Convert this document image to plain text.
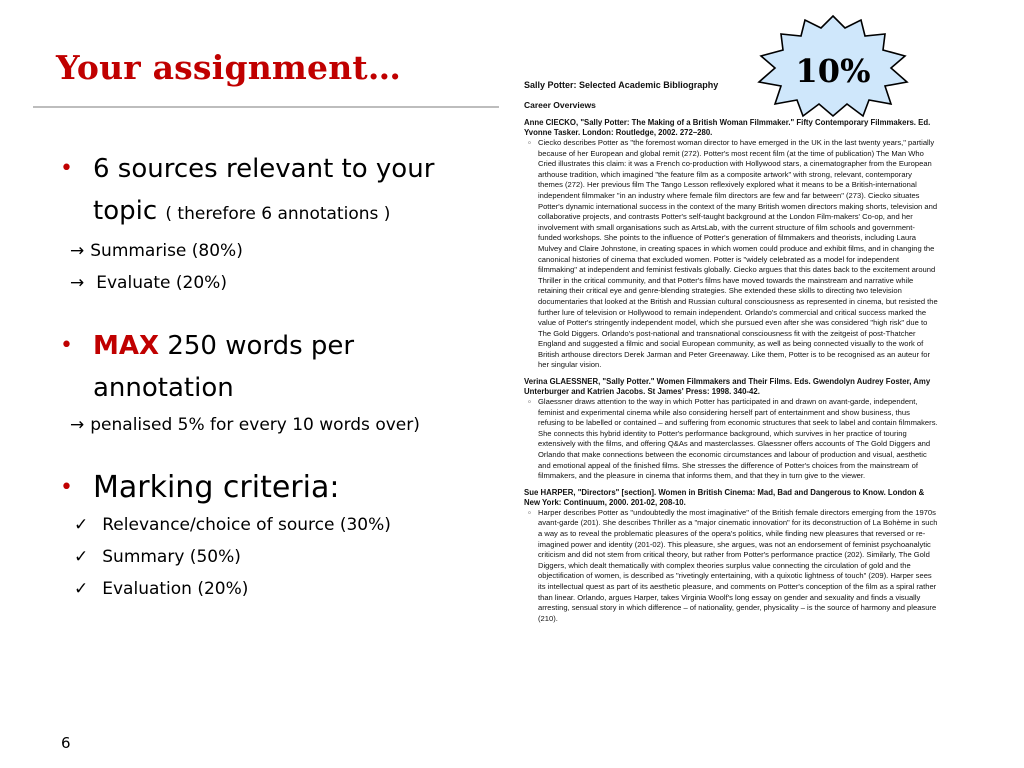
Your assignment…
• 6 sources relevant to your topic ( therefore 6 annotations )
→ Summarise (80%)
→ Evaluate (20%)
• MAX 250 words per annotation
→ penalised 5% for every 10 words over)
• Marking criteria:
✓ Relevance/choice of source (30%)
✓ Summary (50%)
✓ Evaluation (20%)
Sally Potter: Selected Academic Bibliography
Career Overviews
Anne CIECKO, "Sally Potter: The Making of a British Woman Filmmaker." Fifty Contemporary Filmmakers. Ed. Yvonne Tasker. London: Routledge, 2002. 272–280.
▫ Ciecko describes Potter as "the foremost woman director to have emerged in the UK in the last twenty years," partially because of her European and global remit (272). Potter's most recent film (at the time of publication) The Man Who Cried illustrates this claim: it was a French co-production with Hollywood stars, a cinematographer from the European arthouse tradition, which imagined "the feature film as a composite artwork" with strong, relevant, contemporary themes (272). Her previous film The Tango Lesson reflexively explored what it means to be a British-international independent filmmaker "in an industry where female film directors are few and far between" (273). Ciecko situates Potter's dynamic international success in the context of the many British women directors making shorts, television and collaborative projects, and contrasts Potter's self-taught background at the London Film-makers' Co-op, and her involvement with small organisations such as ArtsLab, with the current structure of film schools and government-funded workshops. She points to the influence of Potter's generation of filmmakers and theorists, including Laura Mulvey and Claire Johnstone, in creating spaces in which women could produce and exhibit films, and in changing the canonical histories of cinema that excluded women. Potter is "widely celebrated as a model for independent filmmaking" at independent and feminist festivals globally. Ciecko argues that this dates back to the excitement around Thriller in the critical community, and that Potter's films have moved towards the mainstream and narrative while retaining their critical eye and genre-blending strategies. She extended these skills to directing two television documentaries that looked at the British and Russian cultural consciousness as represented in cinema, but resisted the further lure of television or Hollywood to remain independent. Orlando's commercial and critical success marked the value of Potter's stringently independent model, which she pursued even after she was considered "high risk" due to The Gold Diggers. Orlando's post-national and transnational consciousness fit with the zeitgeist of post-Thatcher England and suggested a filmic and social European community, as well as being connected visually to the work of British arthouse directors Derek Jarman and Peter Greenaway. Like them, Potter is to be recognised as an auteur for her singular vision.
Verina GLAESSNER, "Sally Potter." Women Filmmakers and Their Films. Eds. Gwendolyn Audrey Foster, Amy Unterburger and Katrien Jacobs. St James' Press: 1998. 340-42.
▫ Glaessner draws attention to the way in which Potter has participated in and drawn on avant-garde, independent, feminist and experimental cinema while also considering herself part of entertainment and show business, thus refusing to be labelled or contained – and suffering from economic structures that seek to label and contain filmmakers. She connects this hybrid identity to Potter's performance background, which survives in her practice of touring extensively with the films, and offering Q&As and masterclasses. Glaessner offers accounts of The Gold Diggers and Orlando that make connections between the economic circumstances and labour of production and visual, aesthetic and emotional appeal of the finished films. She stresses the difference of Potter's choices from the mainstream of filmmakers, and the pleasure in cinema that informs them, and that they in turn give to the viewer.
Sue HARPER, "Directors" [section]. Women in British Cinema: Mad, Bad and Dangerous to Know. London & New York: Continuum, 2000. 201-02, 208-10.
▫ Harper describes Potter as "undoubtedly the most imaginative" of the British female directors emerging from the 1970s avant-garde (201). She describes Thriller as a "major cinematic innovation" for its deconstruction of La Bohème in such a way as to reveal the problematic pleasures of the opera's politics, while finding new pleasures that reversed or re-imagined power and identity (201-02). This pleasure, she argues, was not an endorsement of feminist psychoanalytic criticism and did not stem from critical theory, but rather from Potter's performance practice (202). Similarly, The Gold Diggers, which dealt thematically with complex theories surplus value connecting the circulation of gold and the objectification of women, is described as "rivetingly entertaining, with a quixotic lightness of touch" (209). Harper sees its intellectual quest as part of its aesthetic pleasure, and comments on Potter's conception of the film as a spiral rather than linear. Orlando, argues Harper, takes Virginia Woolf's long essay on gender and sexuality and finds a visually arresting, sensual story in which difference – of nationality, gender, physicality – is the source of harmony and pleasure (210).
10%
6
